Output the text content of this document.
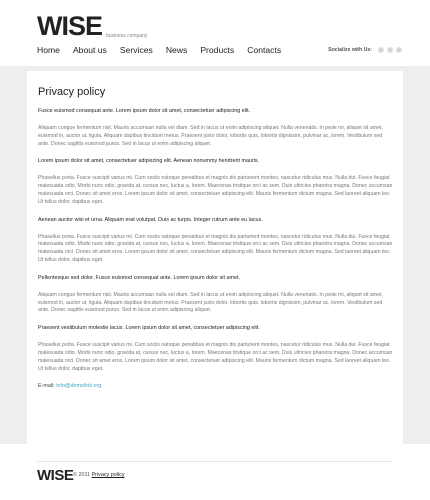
WISE business company
Home About us Services News Products Contacts	Socialize with Us:	f	t	r
Privacy policy

Fusce euismod consequat ante. Lorem ipsum dolor sit amet, consectetuer adipiscing elit.

Aliquam congue fermentum nisl. Mauris accumsan nulla vel diam. Sed in lacus ut enim adipiscing aliquet. Nulla venenatis. In pede mi, aliquet sit amet, euismod in, auctor ut, ligula. Aliquam dapibus tincidunt metus. Praesent justo dolor, lobortis quis, lobortis dignissim, pulvinar ac, lorem. Vestibulum sed ante. Donec sagittis euismod purus. Sed in lacus ut enim adipiscing aliquet.

Lorem ipsum dolor sit amet, consectetuer adipiscing elit. Aenean nonummy hendrerit mauris.

Phasellus porta. Fusce suscipit varius mi. Cum sociis natoque penatibus et magnis dis parturient montes, nascetur ridiculus mus. Nulla dui. Fusce feugiat malesuada odio. Morbi nunc odio, gravida at, cursus nec, luctus a, lorem. Maecenas tristique orci ac sem. Duis ultricies pharetra magna. Donec accumsan malesuada orci. Donec sit amet eros. Lorem ipsum dolor sit amet, consectetuer adipiscing elit. Mauris fermentum dictum magna. Sed laoreet aliquam leo. Ut tellus dolor, dapibus eget.

Aenean auctor wisi et urna. Aliquam erat volutpat. Duis ac turpis. Integer rutrum ante eu lacus.

Phasellus porta. Fusce suscipit varius mi. Cum sociis natoque penatibus et magnis dis parturient montes, nascetur ridiculus mus. Nulla dui. Fusce feugiat malesuada odio. Morbi nunc odio, gravida at, cursus nec, luctus a, lorem. Maecenas tristique orci ac sem. Duis ultricies pharetra magna. Donec accumsan malesuada orci. Donec sit amet eros. Lorem ipsum dolor sit amet, consectetuer adipiscing elit. Mauris fermentum dictum magna. Sed laoreet aliquam leo. Ut tellus dolor, dapibus eget.

Pellentesque sed dolor. Fusce euismod consequat ante. Lorem ipsum dolor sit amet.

Aliquam congue fermentum nisl. Mauris accumsan nulla vel diam. Sed in lacus ut enim adipiscing aliquet. Nulla venenatis. In pede mi, aliquet sit amet, euismod in, auctor ut, ligula. Aliquam dapibus tincidunt metus. Praesent justo dolor, lobortis quis, lobortis dignissim, pulvinar ac, lorem. Vestibulum sed ante. Donec sagittis euismod purus. Sed in lacus ut enim adipiscing aliquet.

Praesent vestibulum molestie lacus. Lorem ipsum dolor sit amet, consectetuer adipiscing elit.

Phasellus porta. Fusce suscipit varius mi. Cum sociis natoque penatibus et magnis dis parturient montes, nascetur ridiculus mus. Nulla dui. Fusce feugiat malesuada odio. Morbi nunc odio, gravida at, cursus nec, luctus a, lorem. Maecenas tristique orci ac sem. Duis ultricies pharetra magna. Donec accumsan malesuada orci. Donec sit amet eros. Lorem ipsum dolor sit amet, consectetuer adipiscing elit. Mauris fermentum dictum magna. Sed laoreet aliquam leo. Ut tellus dolor, dapibus eget.

E-mail: info@demolink.org
WISE © 2011 Privacy policy
